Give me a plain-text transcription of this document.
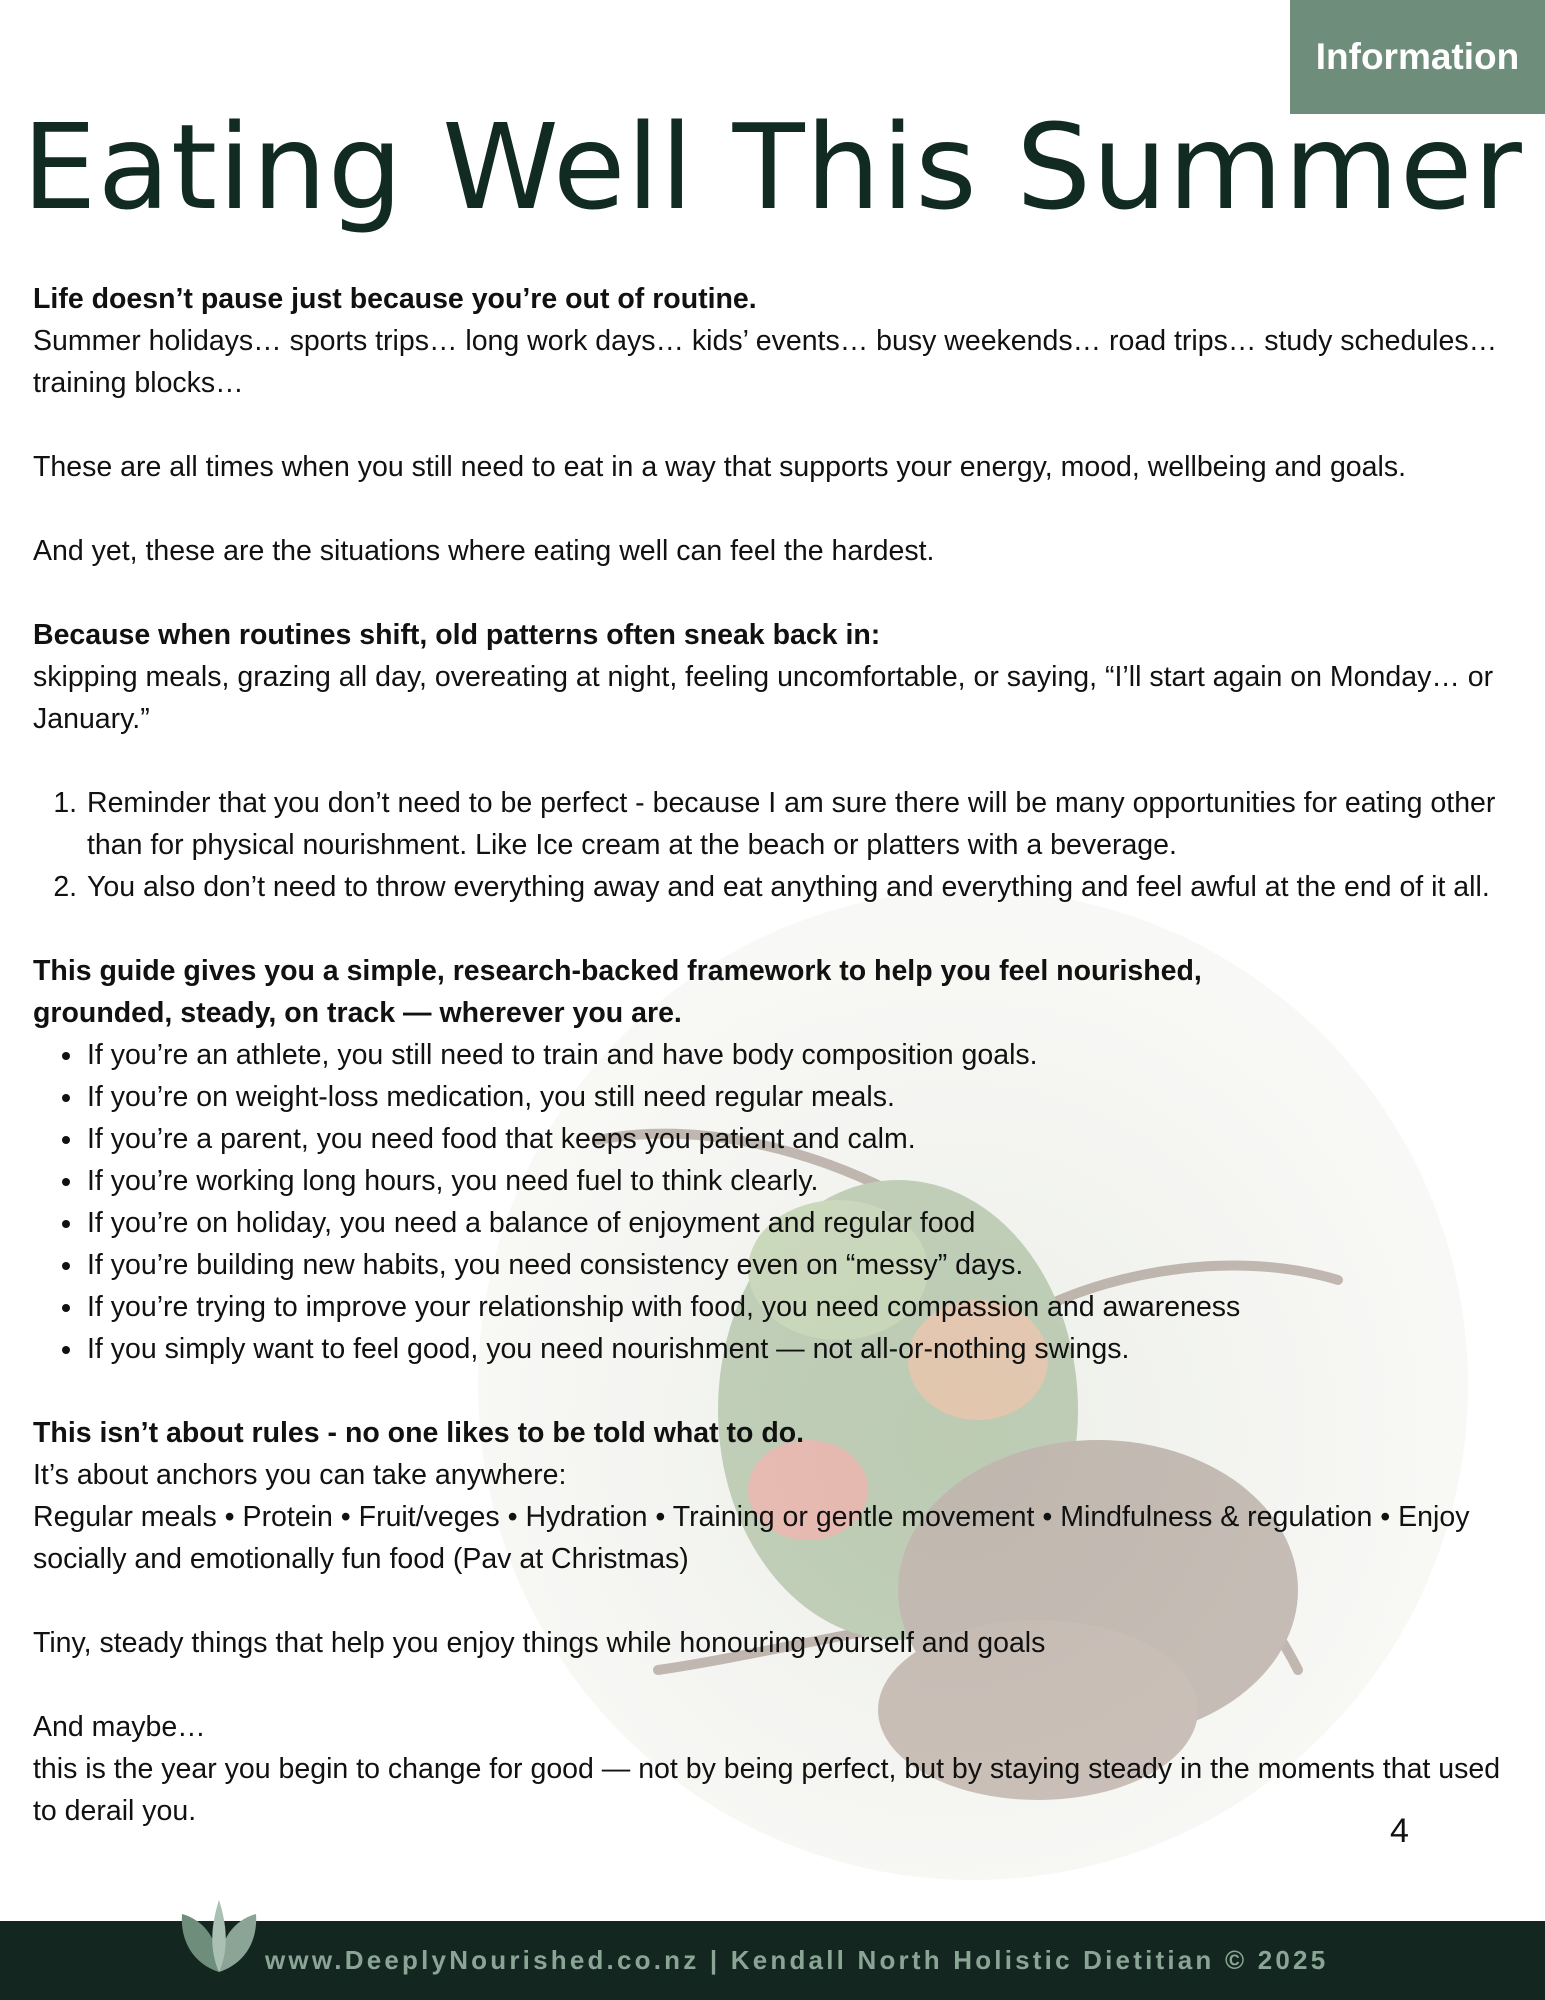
Information
Eating Well This Summer

Life doesn’t pause just because you’re out of routine.

Summer holidays… sports trips… long work days… kids’ events… busy weekends… road trips… study schedules… training blocks…

These are all times when you still need to eat in a way that supports your energy, mood, wellbeing and goals.

And yet, these are the situations where eating well can feel the hardest.

Because when routines shift, old patterns often sneak back in:

skipping meals, grazing all day, overeating at night, feeling uncomfortable, or saying, “I’ll start again on Monday… or January.”

1. Reminder that you don’t need to be perfect - because I am sure there will be many opportunities for eating other than for physical nourishment. Like Ice cream at the beach or platters with a beverage.
2. You also don’t need to throw everything away and eat anything and everything and feel awful at the end of it all.

This guide gives you a simple, research-backed framework to help you feel nourished, grounded, steady, on track — wherever you are.

• If you’re an athlete, you still need to train and have body composition goals.
• If you’re on weight-loss medication, you still need regular meals.
• If you’re a parent, you need food that keeps you patient and calm.
• If you’re working long hours, you need fuel to think clearly.
• If you’re on holiday, you need a balance of enjoyment and regular food
• If you’re building new habits, you need consistency even on “messy” days.
• If you’re trying to improve your relationship with food, you need compassion and awareness
• If you simply want to feel good, you need nourishment — not all-or-nothing swings.

This isn’t about rules - no one likes to be told what to do.

It’s about anchors you can take anywhere:

Regular meals • Protein • Fruit/veges • Hydration • Training or gentle movement • Mindfulness & regulation • Enjoy socially and emotionally fun food (Pav at Christmas)

Tiny, steady things that help you enjoy things while honouring yourself and goals

And maybe…

this is the year you begin to change for good — not by being perfect, but by staying steady in the moments that used to derail you.

4
www.DeeplyNourished.co.nz | Kendall North Holistic Dietitian © 2025
